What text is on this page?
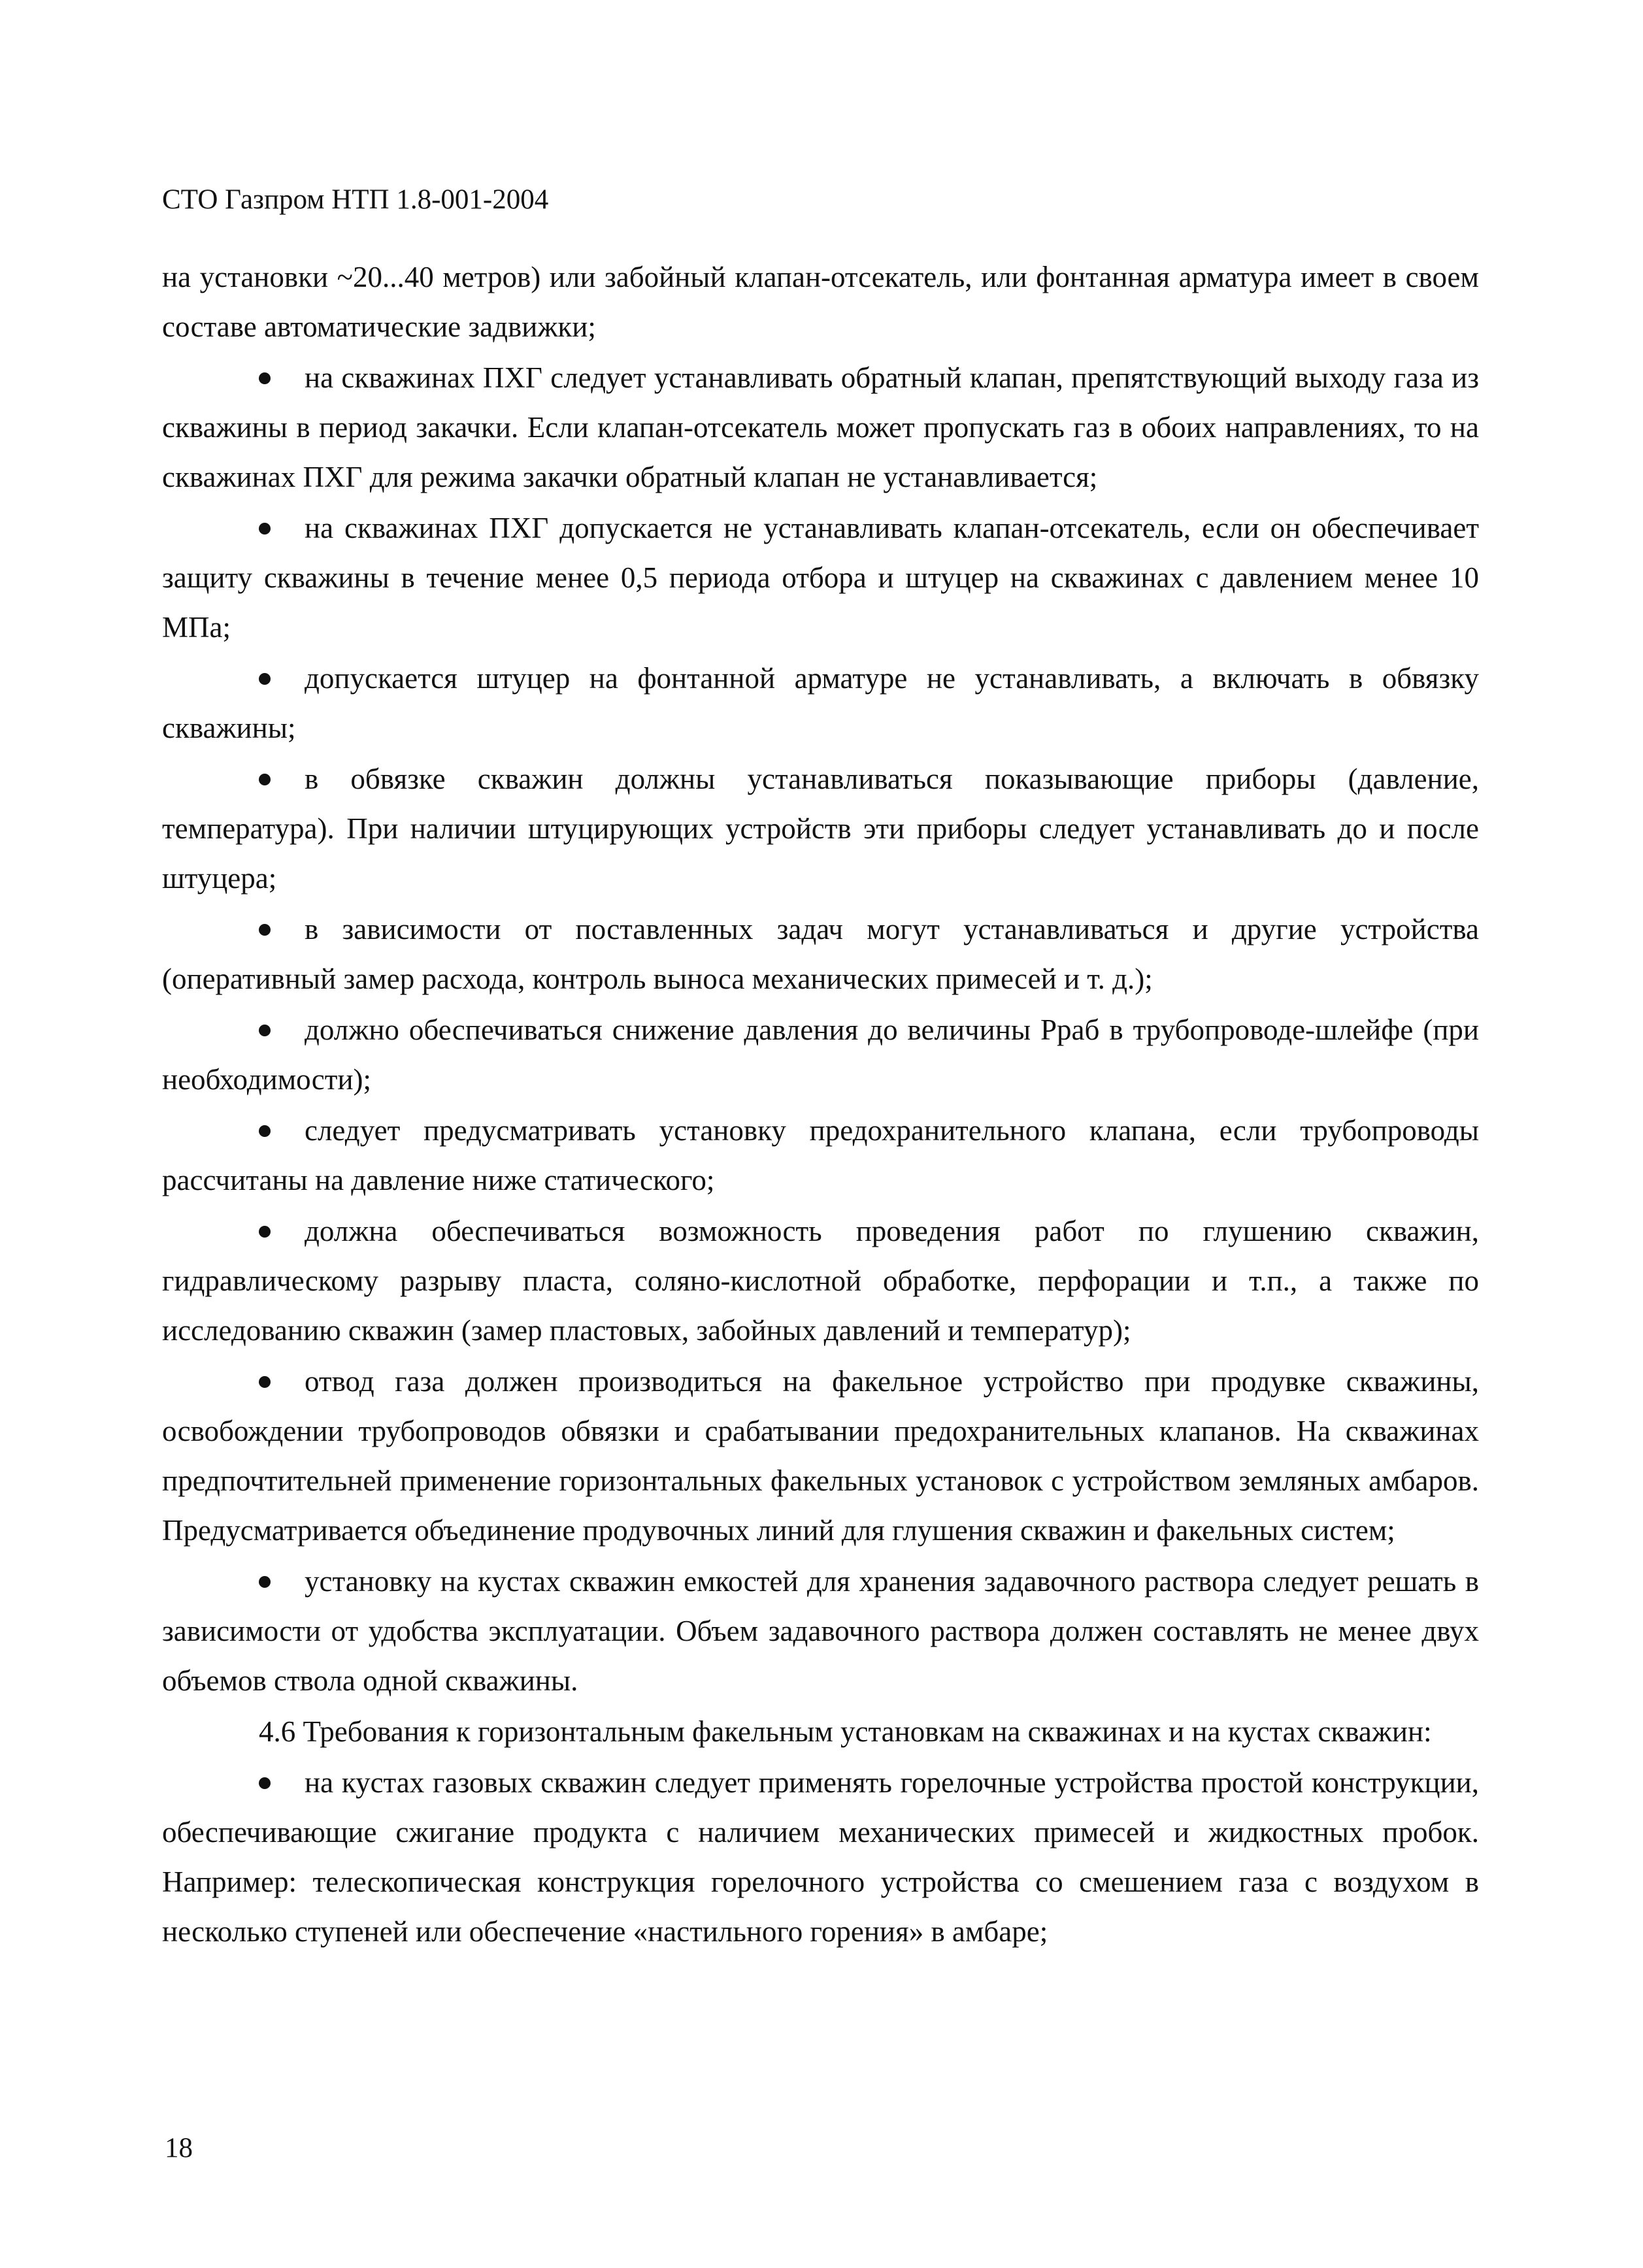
СТО Газпром НТП 1.8-001-2004

на установки ~20...40 метров) или забойный клапан-отсекатель, или фонтанная арматура имеет в своем составе автоматические задвижки;

на скважинах ПХГ следует устанавливать обратный клапан, препятствующий выходу газа из скважины в период закачки. Если клапан-отсекатель может пропускать газ в обоих направлениях, то на скважинах ПХГ для режима закачки обратный клапан не устанавливается;

на скважинах ПХГ допускается не устанавливать клапан-отсекатель, если он обеспечивает защиту скважины в течение менее 0,5 периода отбора и штуцер на скважинах с давлением менее 10 МПа;

допускается штуцер на фонтанной арматуре не устанавливать, а включать в обвязку скважины;

в обвязке скважин должны устанавливаться показывающие приборы (давление, температура). При наличии штуцирующих устройств эти приборы следует устанавливать до и после штуцера;

в зависимости от поставленных задач могут устанавливаться и другие устройства (оперативный замер расхода, контроль выноса механических примесей и т. д.);

должно обеспечиваться снижение давления до величины Pраб в трубопроводе-шлейфе (при необходимости);

следует предусматривать установку предохранительного клапана, если трубопроводы рассчитаны на давление ниже статического;

должна обеспечиваться возможность проведения работ по глушению скважин, гидравлическому разрыву пласта, соляно-кислотной обработке, перфорации и т.п., а также по исследованию скважин (замер пластовых, забойных давлений и температур);

отвод газа должен производиться на факельное устройство при продувке скважины, освобождении трубопроводов обвязки и срабатывании предохранительных клапанов. На скважинах предпочтительней применение горизонтальных факельных установок с устройством земляных амбаров. Предусматривается объединение продувочных линий для глушения скважин и факельных систем;

установку на кустах скважин емкостей для хранения задавочного раствора следует решать в зависимости от удобства эксплуатации. Объем задавочного раствора должен составлять не менее двух объемов ствола одной скважины.

4.6 Требования к горизонтальным факельным установкам на скважинах и на кустах скважин:

на кустах газовых скважин следует применять горелочные устройства простой конструкции, обеспечивающие сжигание продукта с наличием механических примесей и жидкостных пробок. Например: телескопическая конструкция горелочного устройства со смешением газа с воздухом в несколько ступеней или обеспечение «настильного горения» в амбаре;

18
